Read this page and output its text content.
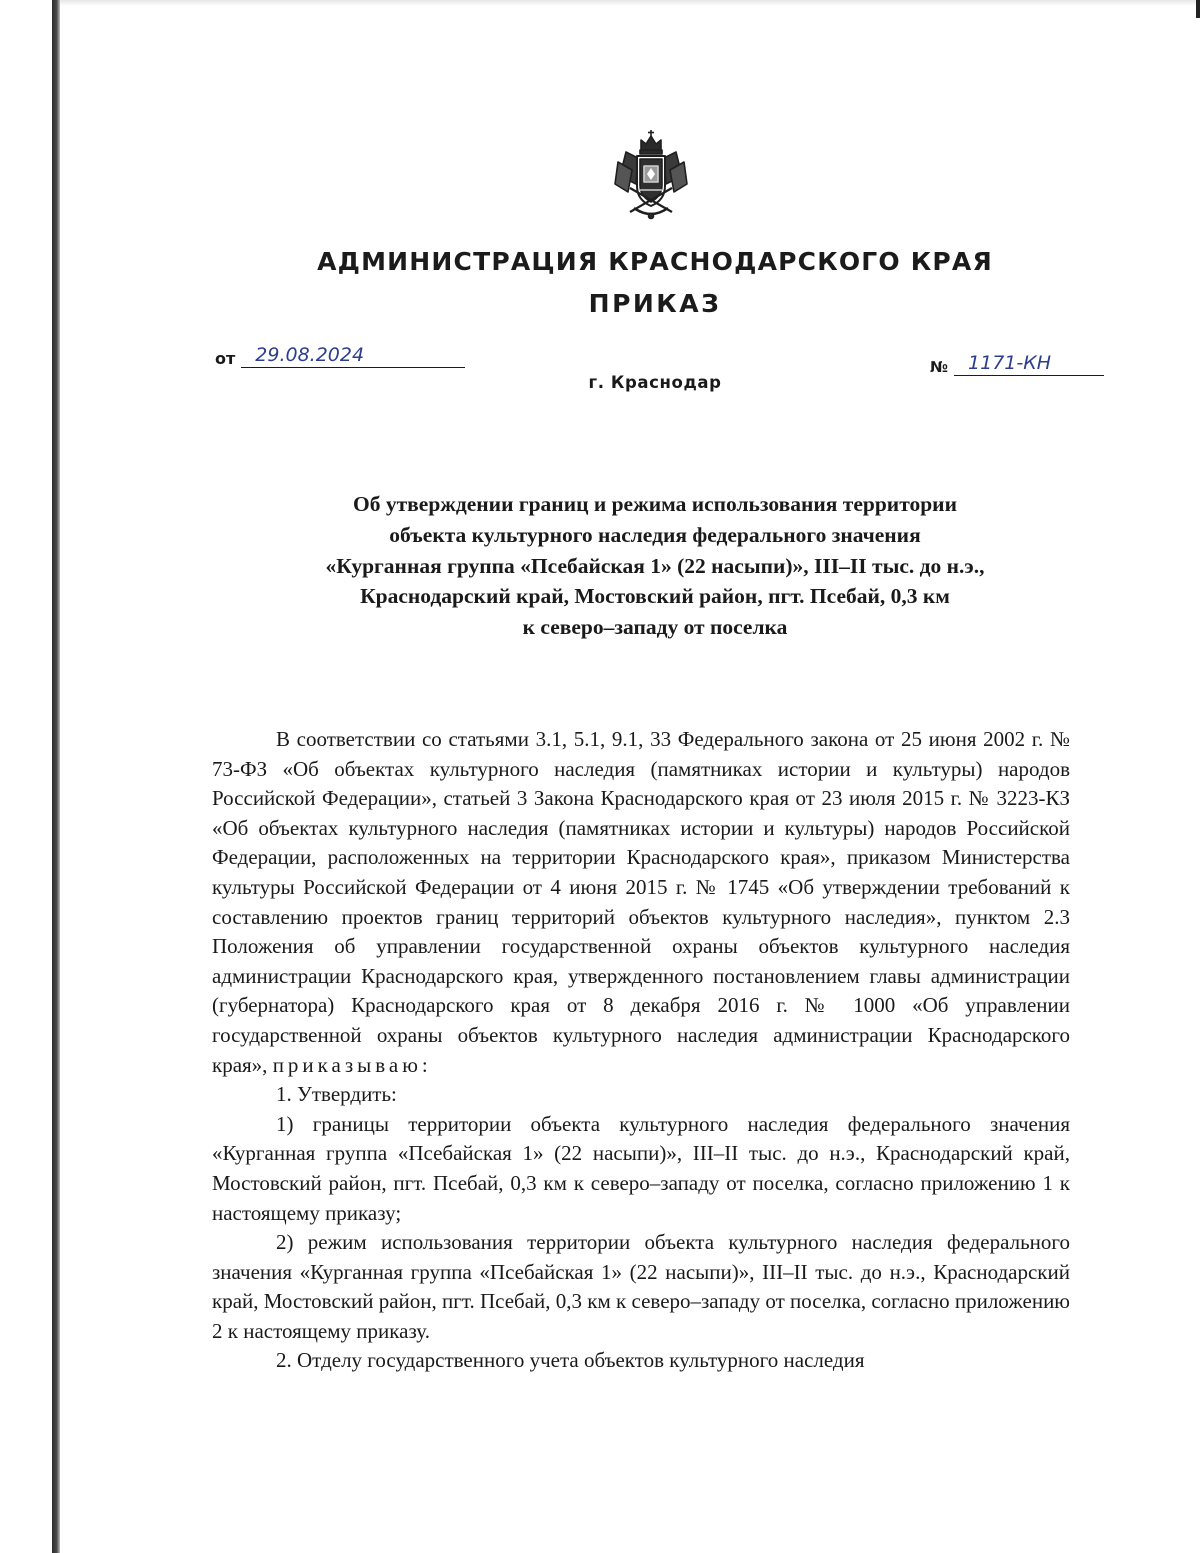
АДМИНИСТРАЦИЯ КРАСНОДАРСКОГО КРАЯ
ПРИКАЗ
от	29.08.2024
№	1171-КН
г. Краснодар
Об утверждении границ и режима использования территории
объекта культурного наследия федерального значения
«Курганная группа «Псебайская 1» (22 насыпи)», III–II тыс. до н.э.,
Краснодарский край, Мостовский район, пгт. Псебай, 0,3 км
к северо–западу от поселка

В соответствии со статьями 3.1, 5.1, 9.1, 33 Федерального закона от 25 июня 2002 г. № 73-ФЗ «Об объектах культурного наследия (памятниках истории и культуры) народов Российской Федерации», статьей 3 Закона Краснодарского края от 23 июля 2015 г. № 3223-КЗ «Об объектах культурного наследия (памятниках истории и культуры) народов Российской Федерации, расположенных на территории Краснодарского края», приказом Министерства культуры Российской Федерации от 4 июня 2015 г. № 1745 «Об утверждении требований к составлению проектов границ территорий объектов культурного наследия», пунктом 2.3 Положения об управлении государственной охраны объектов культурного наследия администрации Краснодарского края, утвержденного постановлением главы администрации (губернатора) Краснодарского края от 8 декабря 2016 г. № 1000 «Об управлении государственной охраны объектов культурного наследия администрации Краснодарского края», приказываю:

1. Утвердить:

1) границы территории объекта культурного наследия федерального значения «Курганная группа «Псебайская 1» (22 насыпи)», III–II тыс. до н.э., Краснодарский край, Мостовский район, пгт. Псебай, 0,3 км к северо–западу от поселка, согласно приложению 1 к настоящему приказу;

2) режим использования территории объекта культурного наследия федерального значения «Курганная группа «Псебайская 1» (22 насыпи)», III–II тыс. до н.э., Краснодарский край, Мостовский район, пгт. Псебай, 0,3 км к северо–западу от поселка, согласно приложению 2 к настоящему приказу.

2. Отделу государственного учета объектов культурного наследия
